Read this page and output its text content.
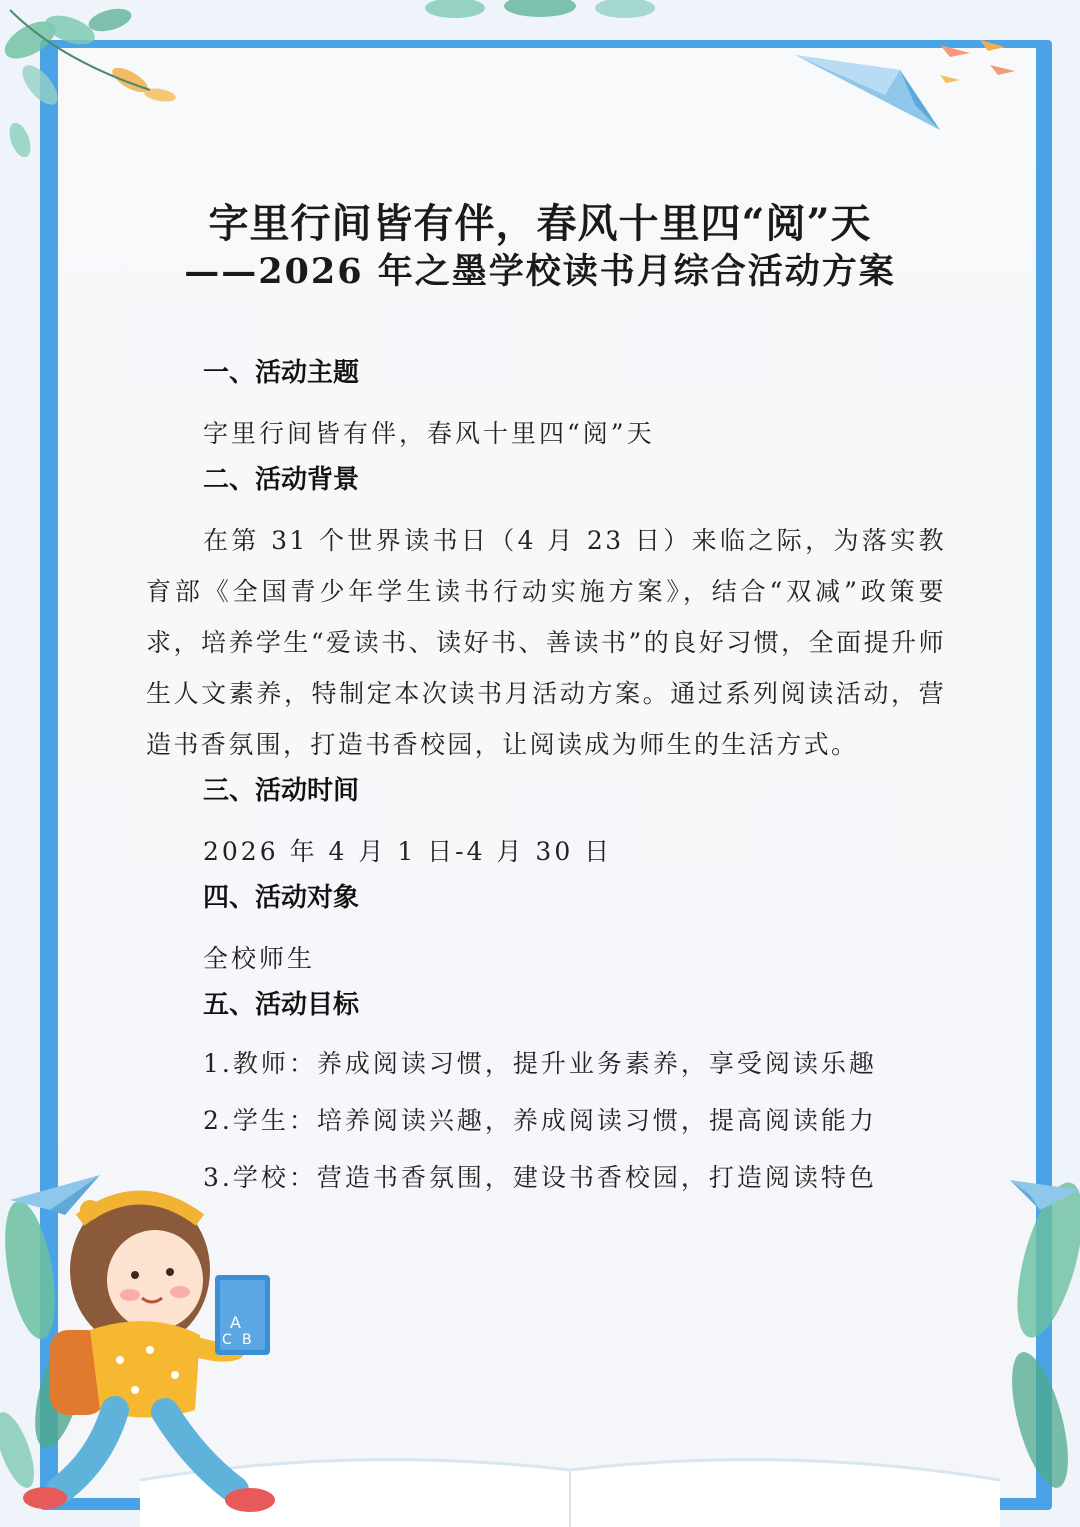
字里行间皆有伴，春风十里四“阅”天
——2026 年之墨学校读书月综合活动方案

一、活动主题

字里行间皆有伴，春风十里四“阅”天

二、活动背景

在第 31 个世界读书日（4 月 23 日）来临之际，为落实教育部《全国青少年学生读书行动实施方案》，结合“双减”政策要求，培养学生“爱读书、读好书、善读书”的良好习惯，全面提升师生人文素养，特制定本次读书月活动方案。通过系列阅读活动，营造书香氛围，打造书香校园，让阅读成为师生的生活方式。

三、活动时间

2026 年 4 月 1 日-4 月 30 日

四、活动对象

全校师生

五、活动目标

1.教师：养成阅读习惯，提升业务素养，享受阅读乐趣

2.学生：培养阅读兴趣，养成阅读习惯，提高阅读能力

3.学校：营造书香氛围，建设书香校园，打造阅读特色

A
C B
